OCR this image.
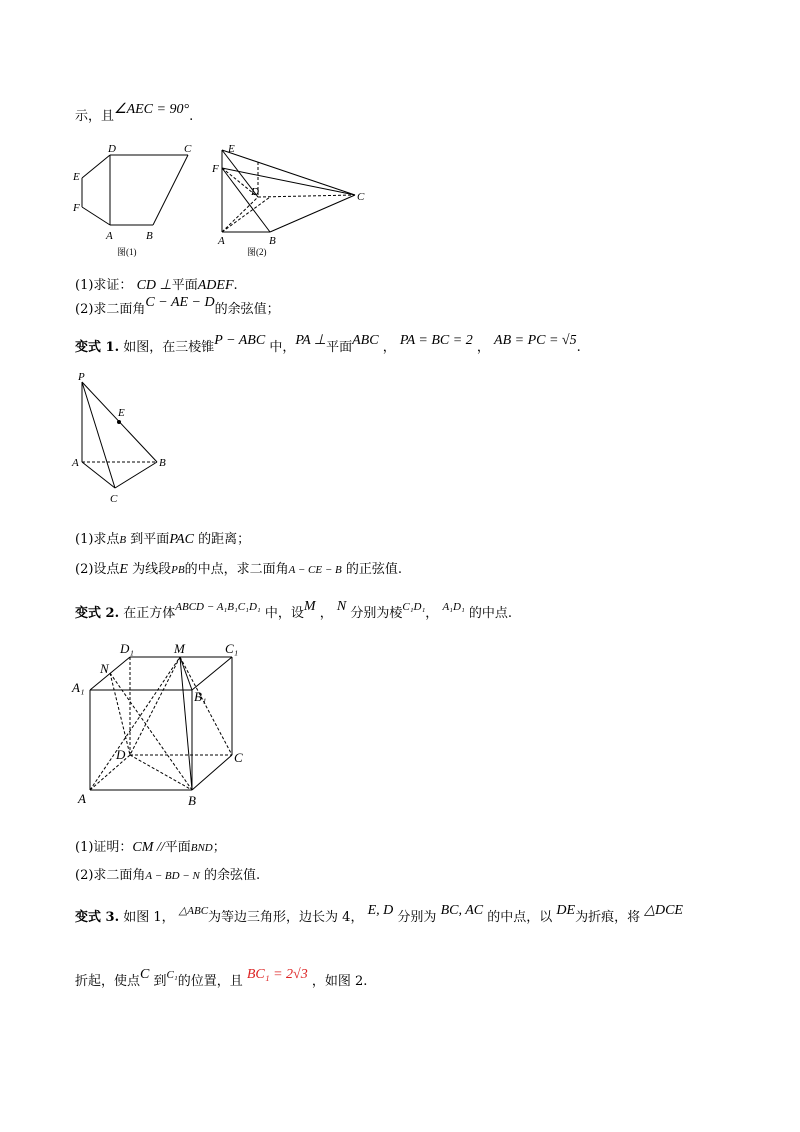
示，且∠AEC = 90°.
D	C
E
F
A	B
图(1)
E
F
D	C
A	B
图(2)
(1)求证： CD ⊥平面ADEF.
(2)求二面角C − AE − D的余弦值；
变式 1. 如图，在三棱锥P − ABC 中，PA ⊥平面ABC ， PA = BC = 2 ， AB = PC = √5.
P
E
A	B
C
(1)求点B 到平面PAC 的距离；
(2)设点E 为线段PB的中点，求二面角A − CE − B 的正弦值.
变式 2. 在正方体$^{ABCD - A_1B_1C_1D_1}$ 中，设M ， N 分别为棱$^{C_1D_1}$， $^{A_1D_1}$ 的中点.
D₁	M	C₁
N
A₁
B₁
D	C
A	B
(1)证明：CM //平面BND；
(2)求二面角A − BD − N 的余弦值.
变式 3. 如图 1， $^{\triangle ABC}$为等边三角形，边长为 4， E, D 分别为 BC, AC 的中点，以 DE为折痕，将 △DCE
折起，使点C 到$^{C_1}$的位置，且 BC₁ = 2√3 ，如图 2.
